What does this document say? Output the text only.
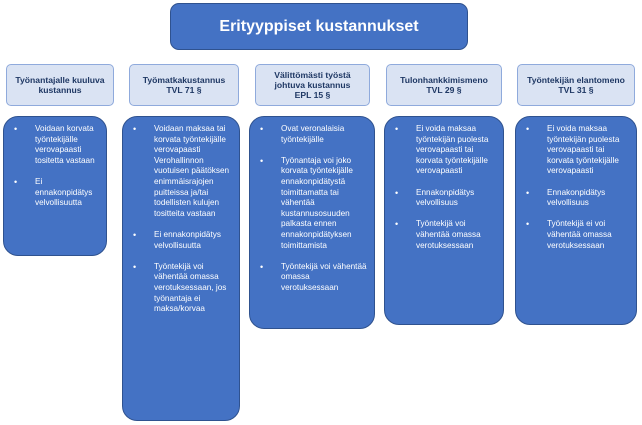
Erityyppiset kustannukset
Työnantajalle kuuluva
kustannus
• Voidaan korvata työntekijälle verovapaasti tositetta vastaan
• Ei ennakonpidätys velvollisuutta
Työmatkakustannus
TVL 71 §
• Voidaan maksaa tai korvata työntekijälle verovapaasti Verohallinnon vuotuisen päätöksen enimmäisrajojen puitteissa ja/tai todellisten kulujen tositteita vastaan
• Ei ennakonpidätys velvollisuutta
• Työntekijä voi vähentää omassa verotuksessaan, jos työnantaja ei maksa/korvaa
Välittömästi työstä
johtuva kustannus
EPL 15 §
• Ovat veronalaisia työntekijälle
• Työnantaja voi joko korvata työntekijälle ennakonpidätystä toimittamatta tai vähentää kustannusosuuden palkasta ennen ennakonpidätyksen toimittamista
• Työntekijä voi vähentää omassa verotuksessaan
Tulonhankkimismeno
TVL 29 §
• Ei voida maksaa työntekijän puolesta verovapaasti tai korvata työntekijälle verovapaasti
• Ennakonpidätys velvollisuus
• Työntekijä voi vähentää omassa verotuksessaan
Työntekijän elantomeno
TVL 31 §
• Ei voida maksaa työntekijän puolesta verovapaasti tai korvata työntekijälle verovapaasti
• Ennakonpidätys velvollisuus
• Työntekijä ei voi vähentää omassa verotuksessaan
